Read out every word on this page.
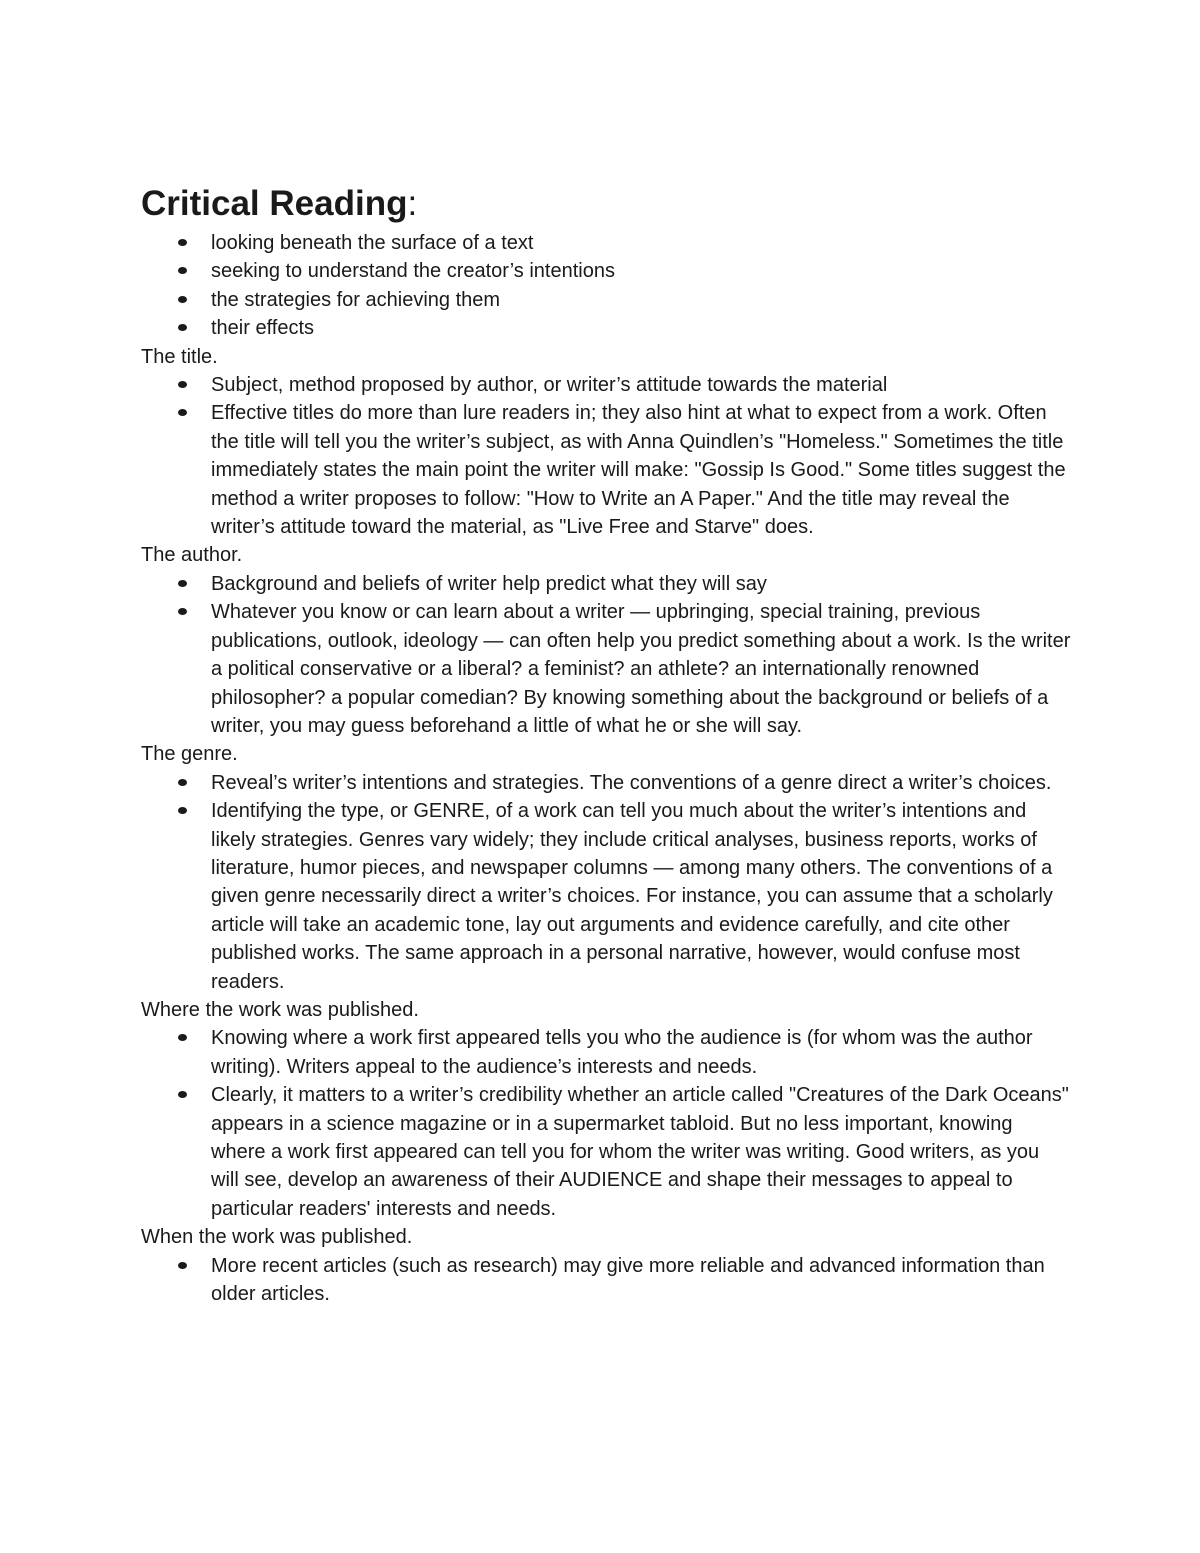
Critical Reading:
looking beneath the surface of a text
seeking to understand the creator’s intentions
the strategies for achieving them
their effects

The title.

Subject, method proposed by author, or writer’s attitude towards the material
Effective titles do more than lure readers in; they also hint at what to expect from a work. Often the title will tell you the writer’s subject, as with Anna Quindlen’s "Homeless." Sometimes the title immediately states the main point the writer will make: "Gossip Is Good." Some titles suggest the method a writer proposes to follow: "How to Write an A Paper." And the title may reveal the writer’s attitude toward the material, as "Live Free and Starve" does.

The author.

Background and beliefs of writer help predict what they will say
Whatever you know or can learn about a writer — upbringing, special training, previous publications, outlook, ideology — can often help you predict something about a work. Is the writer a political conservative or a liberal? a feminist? an athlete? an internationally renowned philosopher? a popular comedian? By knowing something about the background or beliefs of a writer, you may guess beforehand a little of what he or she will say.

The genre.

Reveal’s writer’s intentions and strategies. The conventions of a genre direct a writer’s choices.
Identifying the type, or GENRE, of a work can tell you much about the writer’s intentions and likely strategies. Genres vary widely; they include critical analyses, business reports, works of literature, humor pieces, and newspaper columns — among many others. The conventions of a given genre necessarily direct a writer’s choices. For instance, you can assume that a scholarly article will take an academic tone, lay out arguments and evidence carefully, and cite other published works. The same approach in a personal narrative, however, would confuse most readers.

Where the work was published.

Knowing where a work first appeared tells you who the audience is (for whom was the author writing). Writers appeal to the audience’s interests and needs.
Clearly, it matters to a writer’s credibility whether an article called "Creatures of the Dark Oceans" appears in a science magazine or in a supermarket tabloid. But no less important, knowing where a work first appeared can tell you for whom the writer was writing. Good writers, as you will see, develop an awareness of their AUDIENCE and shape their messages to appeal to particular readers' interests and needs.

When the work was published.

More recent articles (such as research) may give more reliable and advanced information than older articles.
